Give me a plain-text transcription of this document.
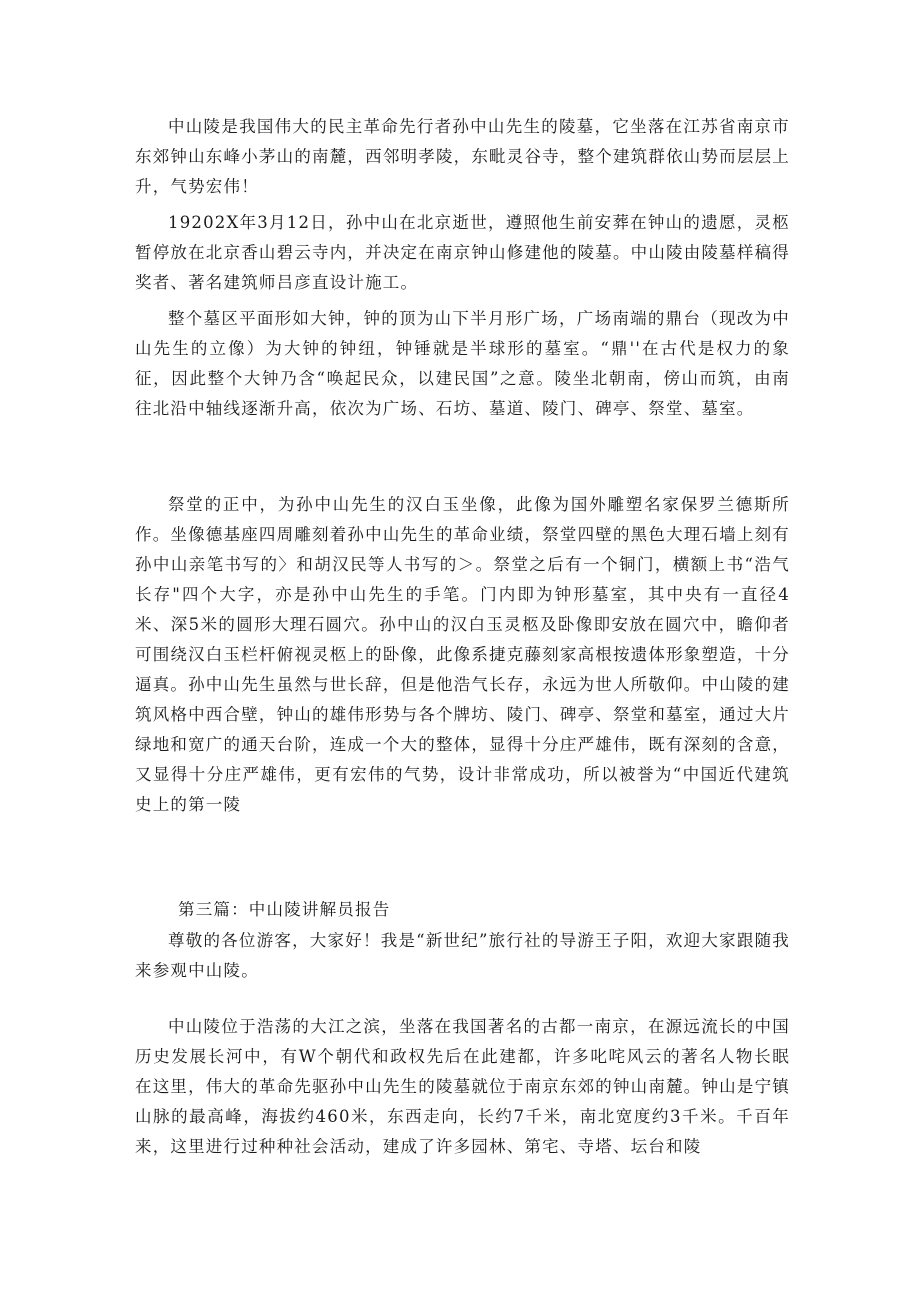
中山陵是我国伟大的民主革命先行者孙中山先生的陵墓，它坐落在江苏省南京市东郊钟山东峰小茅山的南麓，西邻明孝陵，东毗灵谷寺，整个建筑群依山势而层层上升，气势宏伟！

19202X年3月12日，孙中山在北京逝世，遵照他生前安葬在钟山的遗愿，灵柩暂停放在北京香山碧云寺内，并决定在南京钟山修建他的陵墓。中山陵由陵墓样稿得奖者、著名建筑师吕彦直设计施工。

整个墓区平面形如大钟，钟的顶为山下半月形广场，广场南端的鼎台（现改为中山先生的立像）为大钟的钟纽，钟锤就是半球形的墓室。“鼎''在古代是权力的象征，因此整个大钟乃含“唤起民众，以建民国”之意。陵坐北朝南，傍山而筑，由南往北沿中轴线逐渐升高，依次为广场、石坊、墓道、陵门、碑亭、祭堂、墓室。

祭堂的正中，为孙中山先生的汉白玉坐像，此像为国外雕塑名家保罗兰德斯所作。坐像德基座四周雕刻着孙中山先生的革命业绩，祭堂四壁的黑色大理石墙上刻有孙中山亲笔书写的〉和胡汉民等人书写的＞。祭堂之后有一个铜门，横额上书“浩气长存"四个大字，亦是孙中山先生的手笔。门内即为钟形墓室，其中央有一直径4米、深5米的圆形大理石圆穴。孙中山的汉白玉灵柩及卧像即安放在圆穴中，瞻仰者可围绕汉白玉栏杆俯视灵柩上的卧像，此像系捷克藤刻家高根按遗体形象塑造，十分逼真。孙中山先生虽然与世长辞，但是他浩气长存，永远为世人所敬仰。中山陵的建筑风格中西合壁，钟山的雄伟形势与各个牌坊、陵门、碑亭、祭堂和墓室，通过大片绿地和宽广的通天台阶，连成一个大的整体，显得十分庄严雄伟，既有深刻的含意，又显得十分庄严雄伟，更有宏伟的气势，设计非常成功，所以被誉为“中国近代建筑史上的第一陵

第三篇：中山陵讲解员报告

尊敬的各位游客，大家好！我是“新世纪”旅行社的导游王子阳，欢迎大家跟随我来参观中山陵。

中山陵位于浩荡的大江之滨，坐落在我国著名的古都一南京，在源远流长的中国历史发展长河中，有W个朝代和政权先后在此建都，许多叱咤风云的著名人物长眠在这里，伟大的革命先驱孙中山先生的陵墓就位于南京东郊的钟山南麓。钟山是宁镇山脉的最高峰，海拔约460米，东西走向，长约7千米，南北宽度约3千米。千百年来，这里进行过种种社会活动，建成了许多园林、第宅、寺塔、坛台和陵
